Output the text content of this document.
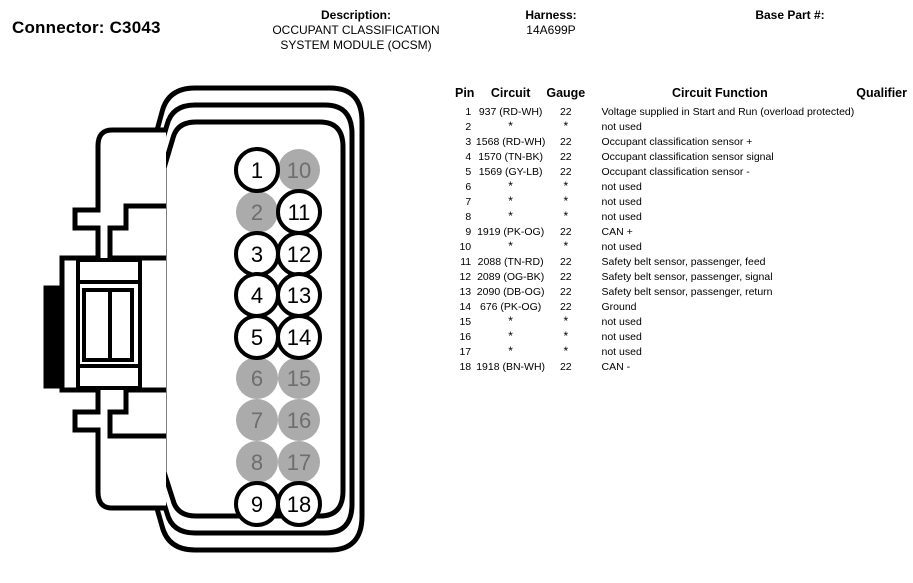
Connector: C3043
Description:
OCCUPANT CLASSIFICATION
SYSTEM MODULE (OCSM)
Harness:
14A699P
Base Part #:
2
6
7
8
10
15
16
17
1
3
4
5
9
11
12
13
14
18
Pin	Circuit	Gauge	Circuit Function	Qualifier
1	937 (RD-WH)	22	Voltage supplied in Start and Run (overload protected)	
2	*	*	not used	
3	1568 (RD-WH)	22	Occupant classification sensor +	
4	1570 (TN-BK)	22	Occupant classification sensor signal	
5	1569 (GY-LB)	22	Occupant classification sensor -	
6	*	*	not used	
7	*	*	not used	
8	*	*	not used	
9	1919 (PK-OG)	22	CAN +	
10	*	*	not used	
11	2088 (TN-RD)	22	Safety belt sensor, passenger, feed	
12	2089 (OG-BK)	22	Safety belt sensor, passenger, signal	
13	2090 (DB-OG)	22	Safety belt sensor, passenger, return	
14	676 (PK-OG)	22	Ground	
15	*	*	not used	
16	*	*	not used	
17	*	*	not used	
18	1918 (BN-WH)	22	CAN -	
